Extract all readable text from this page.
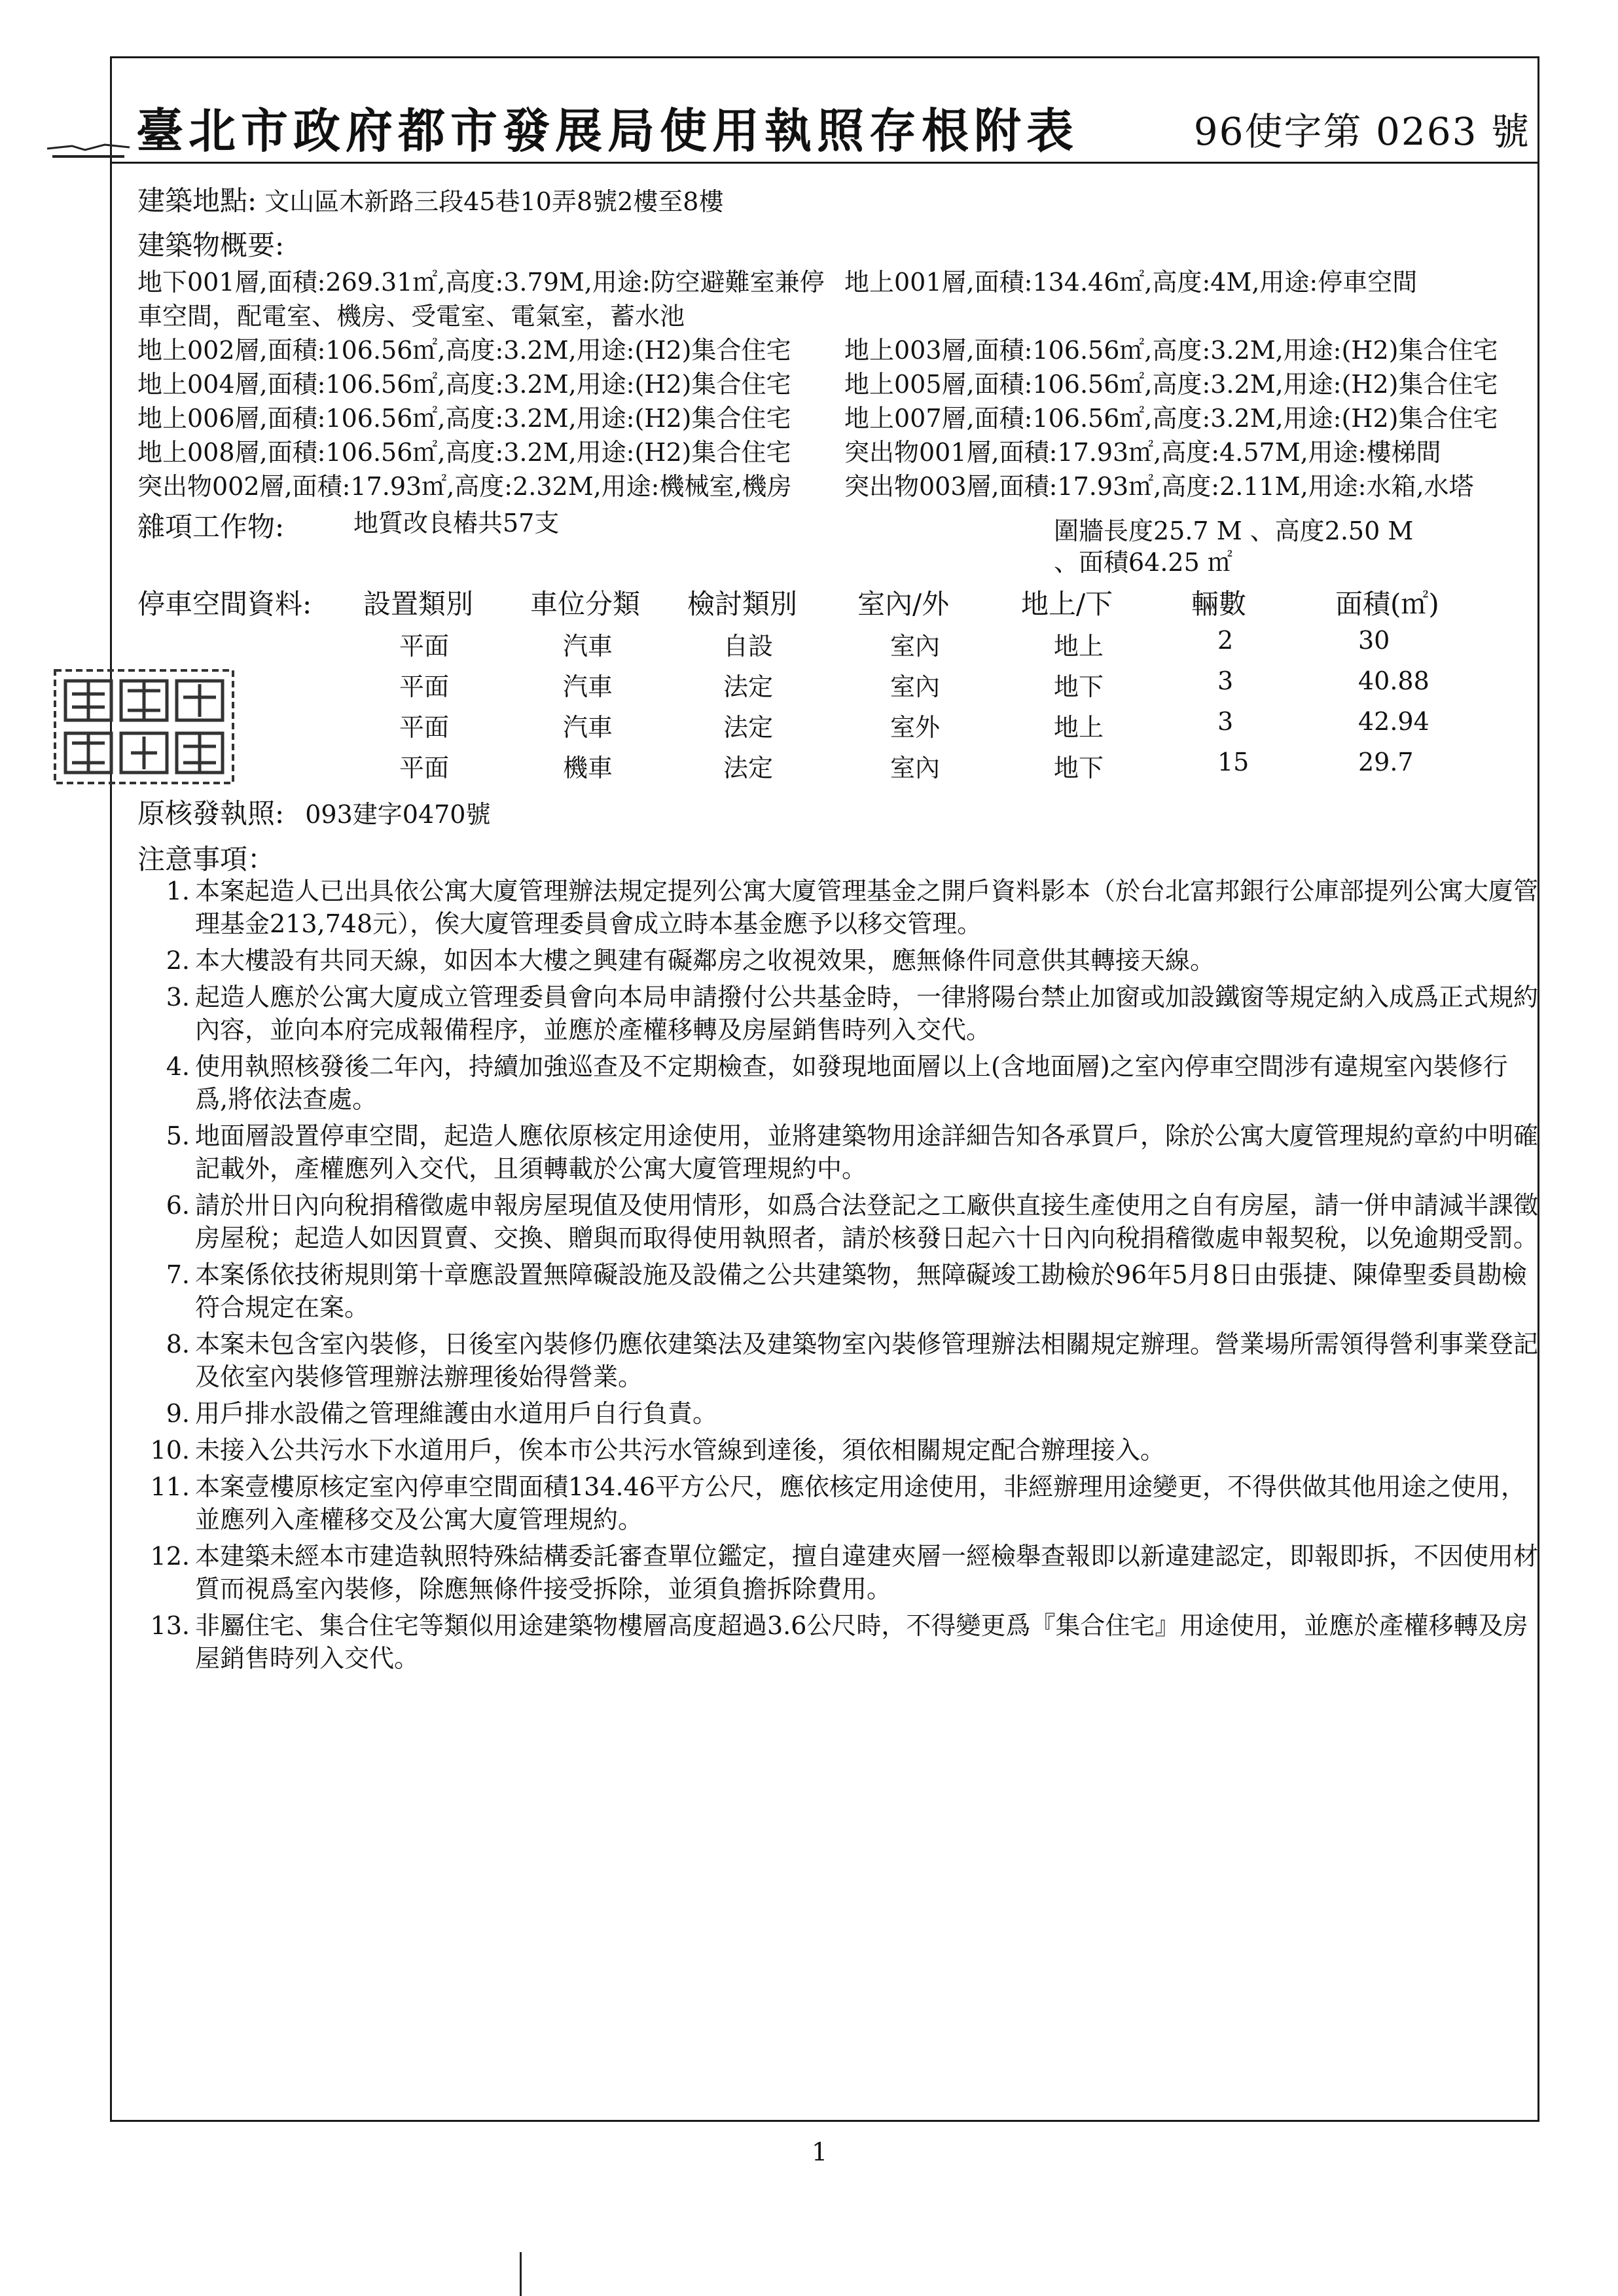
臺北市政府都市發展局使用執照存根附表	96使字第 0263 號
建築地點: 文山區木新路三段45巷10弄8號2樓至8樓
建築物概要:
地下001層,面積:269.31㎡,高度:3.79M,用途:防空避難室兼停 地上001層,面積:134.46㎡,高度:4M,用途:停車空間
車空間，配電室、機房、受電室、電氣室，蓄水池
地上002層,面積:106.56㎡,高度:3.2M,用途:(H2)集合住宅 地上003層,面積:106.56㎡,高度:3.2M,用途:(H2)集合住宅
地上004層,面積:106.56㎡,高度:3.2M,用途:(H2)集合住宅 地上005層,面積:106.56㎡,高度:3.2M,用途:(H2)集合住宅
地上006層,面積:106.56㎡,高度:3.2M,用途:(H2)集合住宅 地上007層,面積:106.56㎡,高度:3.2M,用途:(H2)集合住宅
地上008層,面積:106.56㎡,高度:3.2M,用途:(H2)集合住宅 突出物001層,面積:17.93㎡,高度:4.57M,用途:樓梯間
突出物002層,面積:17.93㎡,高度:2.32M,用途:機械室,機房 突出物003層,面積:17.93㎡,高度:2.11M,用途:水箱,水塔
雜項工作物:	地質改良樁共57支	圍牆長度25.7 M 、高度2.50 M
、面積64.25 ㎡
停車空間資料: 設置類別 車位分類 檢討類別 室內/外	地上/下	輛數	面積(㎡)
平面	汽車	自設	室內	地上	2	30
平面	汽車	法定	室內	地下	3	40.88
平面	汽車	法定	室外	地上	3	42.94
平面	機車	法定	室內	地下	15	29.7
原核發執照: 093建字0470號
注意事項：
1. 本案起造人已出具依公寓大廈管理辦法規定提列公寓大廈管理基金之開戶資料影本（於台北富邦銀行公庫部提列公寓大廈管理基金213,748元），俟大廈管理委員會成立時本基金應予以移交管理。
2. 本大樓設有共同天線，如因本大樓之興建有礙鄰房之收視效果，應無條件同意供其轉接天線。
3. 起造人應於公寓大廈成立管理委員會向本局申請撥付公共基金時，一律將陽台禁止加窗或加設鐵窗等規定納入成爲正式規約內容，並向本府完成報備程序，並應於產權移轉及房屋銷售時列入交代。
4. 使用執照核發後二年內，持續加強巡查及不定期檢查，如發現地面層以上(含地面層)之室內停車空間涉有違規室內裝修行爲,將依法查處。
5. 地面層設置停車空間，起造人應依原核定用途使用，並將建築物用途詳細告知各承買戶，除於公寓大廈管理規約章約中明確記載外，產權應列入交代，且須轉載於公寓大廈管理規約中。
6. 請於卅日內向稅捐稽徵處申報房屋現值及使用情形，如爲合法登記之工廠供直接生產使用之自有房屋，請一併申請減半課徵房屋稅；起造人如因買賣、交換、贈與而取得使用執照者，請於核發日起六十日內向稅捐稽徵處申報契稅，以免逾期受罰。
7. 本案係依技術規則第十章應設置無障礙設施及設備之公共建築物，無障礙竣工勘檢於96年5月8日由張捷、陳偉聖委員勘檢符合規定在案。
8. 本案未包含室內裝修，日後室內裝修仍應依建築法及建築物室內裝修管理辦法相關規定辦理。營業場所需領得營利事業登記及依室內裝修管理辦法辦理後始得營業。
9. 用戶排水設備之管理維護由水道用戶自行負責。
10. 未接入公共污水下水道用戶，俟本市公共污水管線到達後，須依相關規定配合辦理接入。
11. 本案壹樓原核定室內停車空間面積134.46平方公尺，應依核定用途使用，非經辦理用途變更，不得供做其他用途之使用，並應列入產權移交及公寓大廈管理規約。
12. 本建築未經本市建造執照特殊結構委託審查單位鑑定，擅自違建夾層一經檢舉查報即以新違建認定，即報即拆，不因使用材質而視爲室內裝修，除應無條件接受拆除，並須負擔拆除費用。
13. 非屬住宅、集合住宅等類似用途建築物樓層高度超過3.6公尺時，不得變更爲『集合住宅』用途使用，並應於產權移轉及房屋銷售時列入交代。
1
